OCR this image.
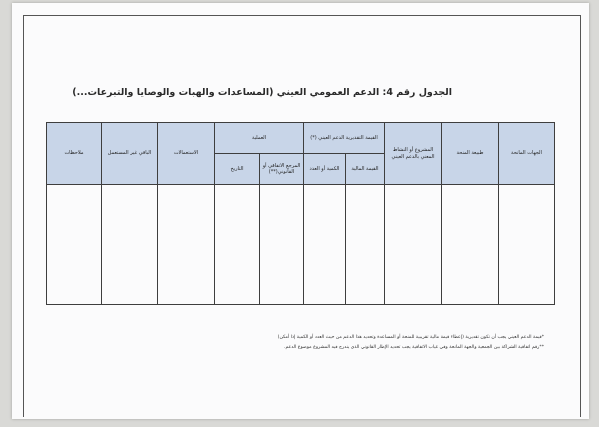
الجدول رقم 4: الدعم العمومي العيني (المساعدات والهبات والوصايا والتبرعات...)
الجهات المانحة	طبيعة المنحة	المشروع أو النشاط المعني بالدعم العيني	القيمة التقديرية الدعم العيني (*)		العملية		الاستعمالات	الباقي غير المستعمل	ملاحظات
			القيمة المالية	الكمية أو العدد	المرجع الاتفاقي أو القانوني(**)	التاريخ			

*قيمة الدعم العيني يجب أن تكون تقديرية (إعطاء قيمة مالية تقريبية للمنحة أو المساعدة وتحديد هذا الدعم من حيث العدد أو الكمية إذا أمكن)
**رقم اتفاقية الشراكة بين الجمعية والجهة المانحة وفي غياب الاتفاقية يجب تحديد الإطار القانوني الذي يندرج فيه المشروع موضوع الدعم.
